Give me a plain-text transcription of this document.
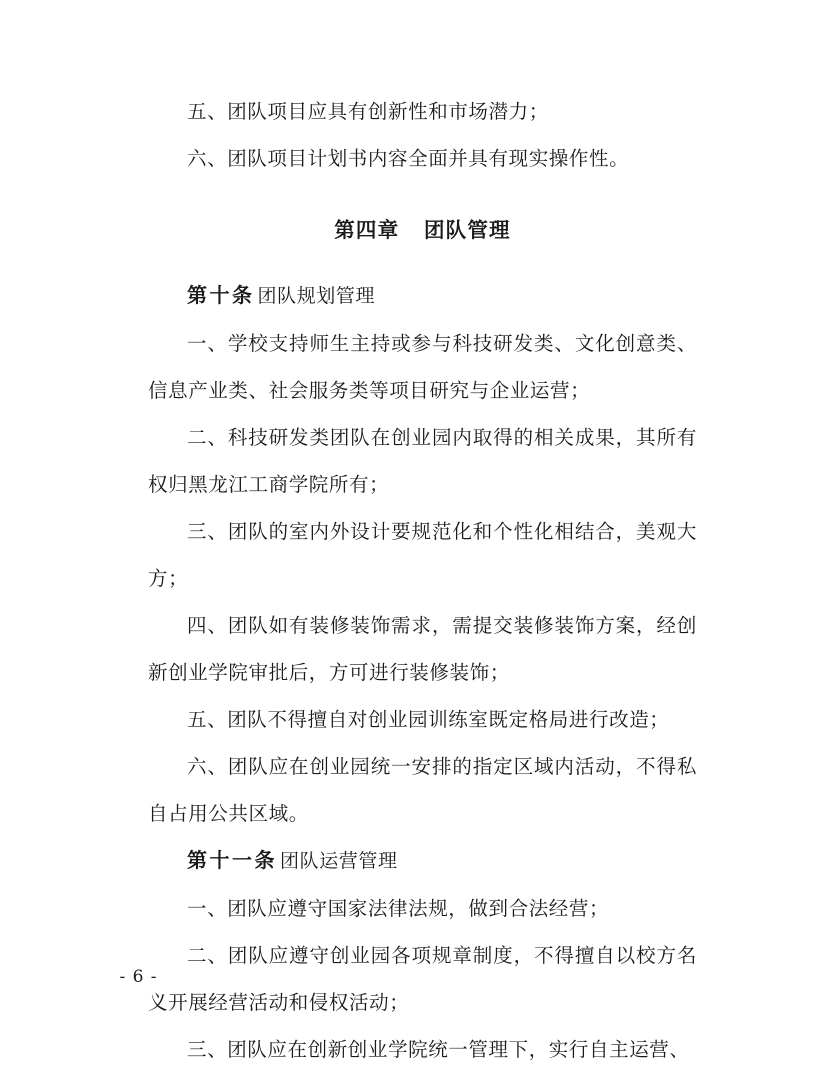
五、团队项目应具有创新性和市场潜力；

六、团队项目计划书内容全面并具有现实操作性。

第四章 团队管理

第十条 团队规划管理

一、学校支持师生主持或参与科技研发类、文化创意类、信息产业类、社会服务类等项目研究与企业运营；

二、科技研发类团队在创业园内取得的相关成果，其所有权归黑龙江工商学院所有；

三、团队的室内外设计要规范化和个性化相结合，美观大方；

四、团队如有装修装饰需求，需提交装修装饰方案，经创新创业学院审批后，方可进行装修装饰；

五、团队不得擅自对创业园训练室既定格局进行改造；

六、团队应在创业园统一安排的指定区域内活动，不得私自占用公共区域。

第十一条 团队运营管理

一、团队应遵守国家法律法规，做到合法经营；

二、团队应遵守创业园各项规章制度，不得擅自以校方名义开展经营活动和侵权活动；

三、团队应在创新创业学院统一管理下，实行自主运营、

- 6 -
